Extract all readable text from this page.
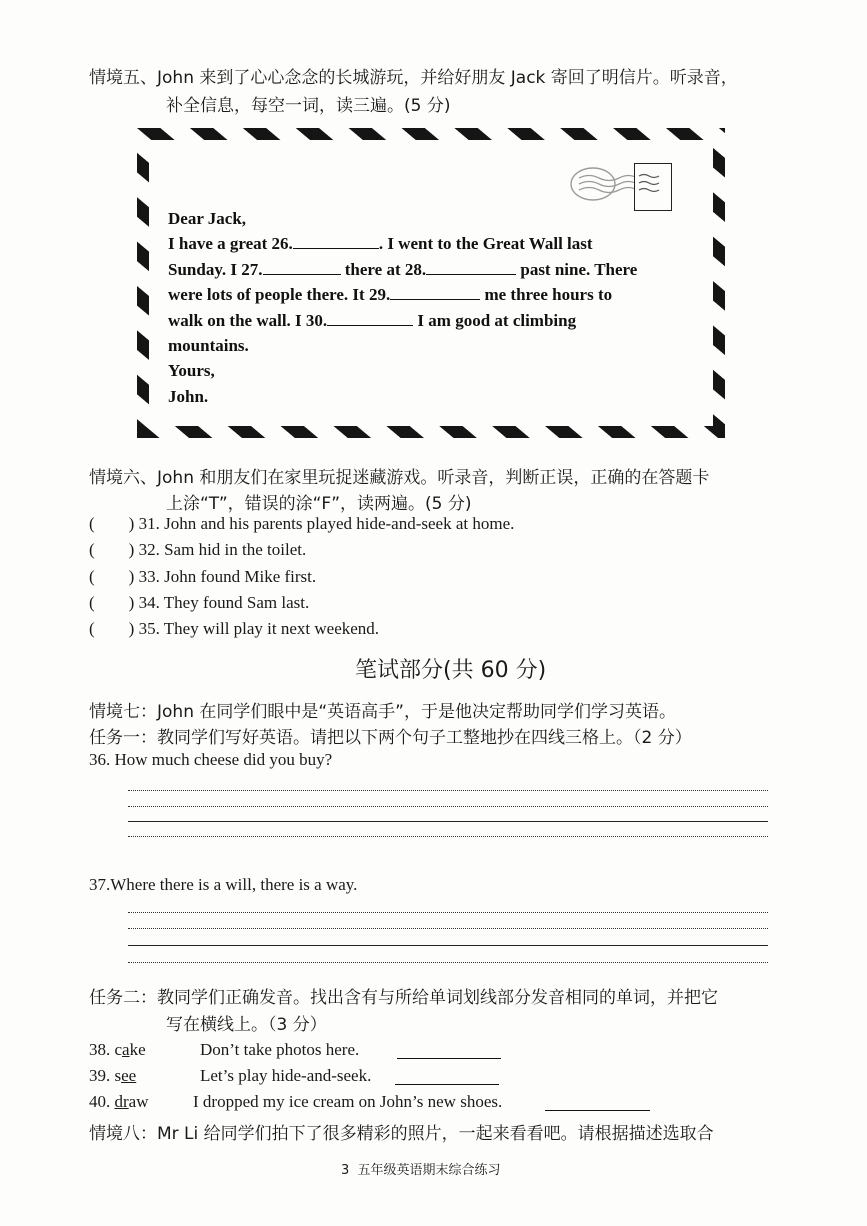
情境五、John 来到了心心念念的长城游玩，并给好朋友 Jack 寄回了明信片。听录音，
补全信息，每空一词，读三遍。(5 分)
Dear Jack,
I have a great 26.	. I went to the Great Wall last
Sunday. I 27.	there at 28.	past nine. There
were lots of people there. It 29.	me three hours to
walk on the wall. I 30.	I am good at climbing
mountains.
Yours,
John.
情境六、John 和朋友们在家里玩捉迷藏游戏。听录音，判断正误，正确的在答题卡
上涂“T”，错误的涂“F”，读两遍。(5 分)
( ) 31. John and his parents played hide-and-seek at home.
( ) 32. Sam hid in the toilet.
( ) 33. John found Mike first.
( ) 34. They found Sam last.
( ) 35. They will play it next weekend.
笔试部分(共 60 分)
情境七：John 在同学们眼中是“英语高手”，于是他决定帮助同学们学习英语。
任务一：教同学们写好英语。请把以下两个句子工整地抄在四线三格上。（2 分）
36. How much cheese did you buy?
37.Where there is a will, there is a way.
任务二：教同学们正确发音。找出含有与所给单词划线部分发音相同的单词，并把它
写在横线上。（3 分）
38. cake	Don’t take photos here.
39. see	Let’s play hide-and-seek.
40. draw	I dropped my ice cream on John’s new shoes.
情境八：Mr Li 给同学们拍下了很多精彩的照片，一起来看看吧。请根据描述选取合
3 五年级英语期末综合练习
